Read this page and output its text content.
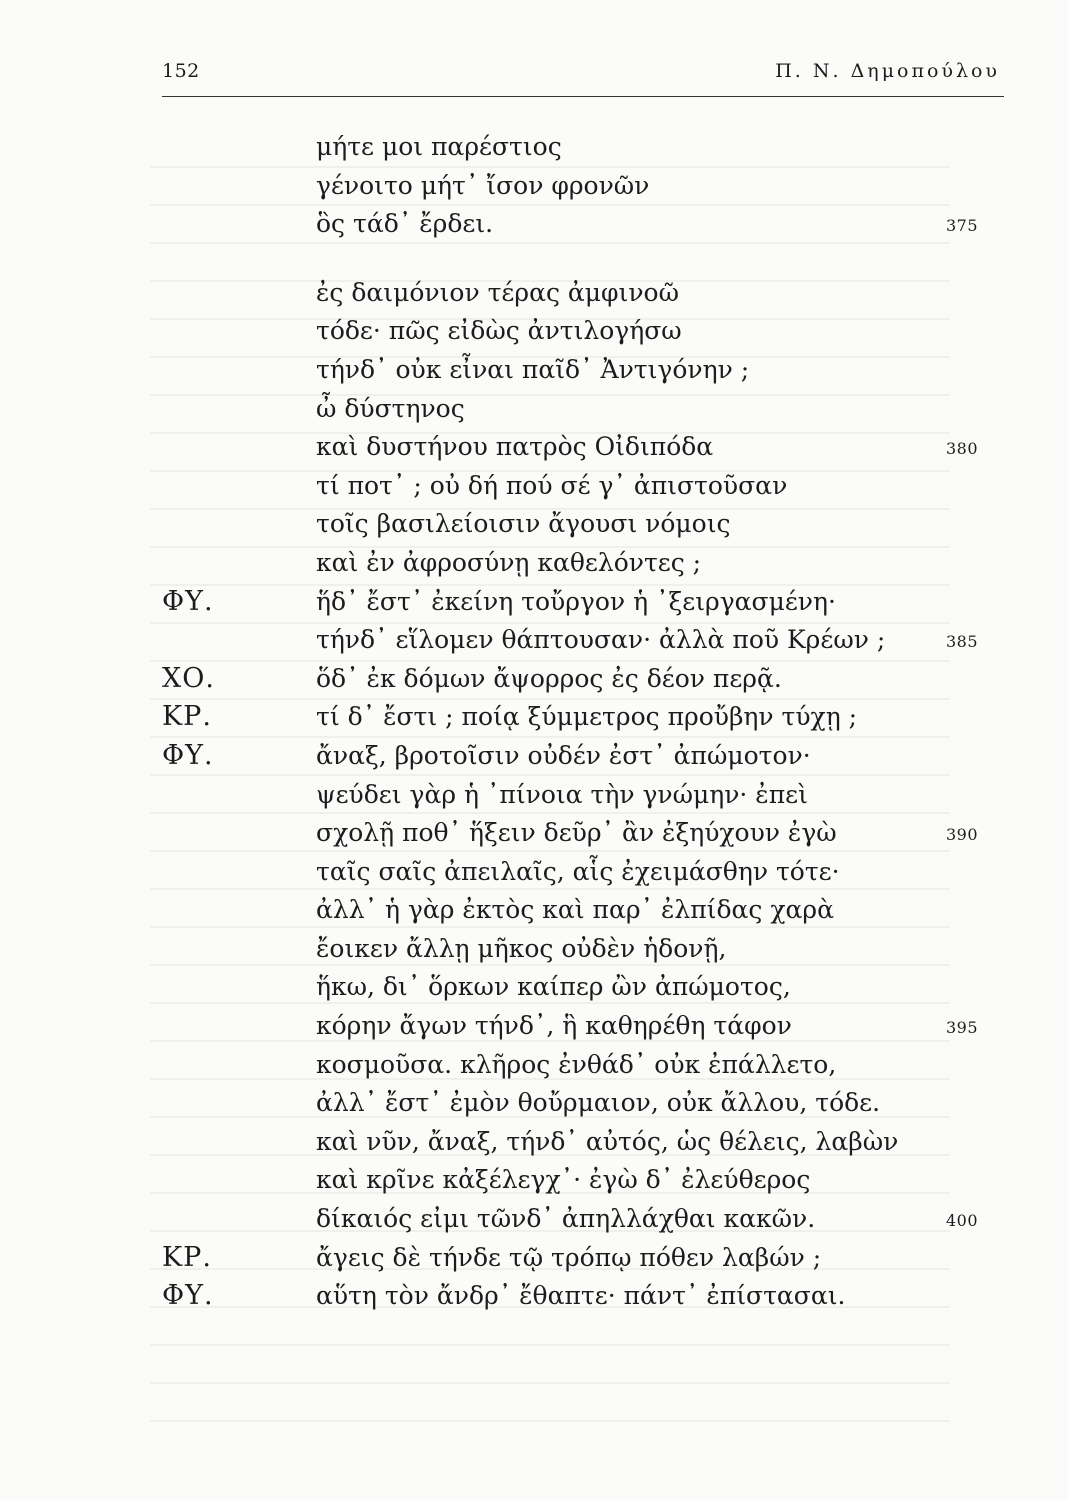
152	Π. Ν. Δημοπούλου
μήτε μοι παρέστιος
γένοιτο μήτ᾽ ἴσον φρονῶν
ὃς τάδ᾽ ἔρδει.	375
ἐς δαιμόνιον τέρας ἀμφινοῶ
τόδε· πῶς εἰδὼς ἀντιλογήσω
τήνδ᾽ οὐκ εἶναι παῖδ᾽ Ἀντιγόνην ;
ὦ δύστηνος
καὶ δυστήνου πατρὸς Οἰδιπόδα	380
τί ποτ᾽ ; οὐ δή πού σέ γ᾽ ἀπιστοῦσαν
τοῖς βασιλείοισιν ἄγουσι νόμοις
καὶ ἐν ἀφροσύνῃ καθελόντες ;
ΦΥ.	ἥδ᾽ ἔστ᾽ ἐκείνη τοὔργον ἡ ᾽ξειργασμένη·
τήνδ᾽ εἵλομεν θάπτουσαν· ἀλλὰ ποῦ Κρέων ;	385
ΧΟ.	ὅδ᾽ ἐκ δόμων ἄψορρος ἐς δέον περᾷ.
ΚΡ.	τί δ᾽ ἔστι ; ποίᾳ ξύμμετρος προὔβην τύχῃ ;
ΦΥ.	ἄναξ, βροτοῖσιν οὐδέν ἐστ᾽ ἀπώμοτον·
ψεύδει γὰρ ἡ ᾽πίνοια τὴν γνώμην· ἐπεὶ
σχολῇ ποθ᾽ ἥξειν δεῦρ᾽ ἂν ἐξηύχουν ἐγὼ	390
ταῖς σαῖς ἀπειλαῖς, αἷς ἐχειμάσθην τότε·
ἀλλ᾽ ἡ γὰρ ἐκτὸς καὶ παρ᾽ ἐλπίδας χαρὰ
ἔοικεν ἄλλῃ μῆκος οὐδὲν ἡδονῇ,
ἥκω, δι᾽ ὅρκων καίπερ ὢν ἀπώμοτος,
κόρην ἄγων τήνδ᾽, ἣ καθηρέθη τάφον	395
κοσμοῦσα. κλῆρος ἐνθάδ᾽ οὐκ ἐπάλλετο,
ἀλλ᾽ ἔστ᾽ ἐμὸν θοὔρμαιον, οὐκ ἄλλου, τόδε.
καὶ νῦν, ἄναξ, τήνδ᾽ αὐτός, ὡς θέλεις, λαβὼν
καὶ κρῖνε κἀξέλεγχ᾽· ἐγὼ δ᾽ ἐλεύθερος
δίκαιός εἰμι τῶνδ᾽ ἀπηλλάχθαι κακῶν.	400
ΚΡ.	ἄγεις δὲ τήνδε τῷ τρόπῳ πόθεν λαβών ;
ΦΥ.	αὕτη τὸν ἄνδρ᾽ ἔθαπτε· πάντ᾽ ἐπίστασαι.
